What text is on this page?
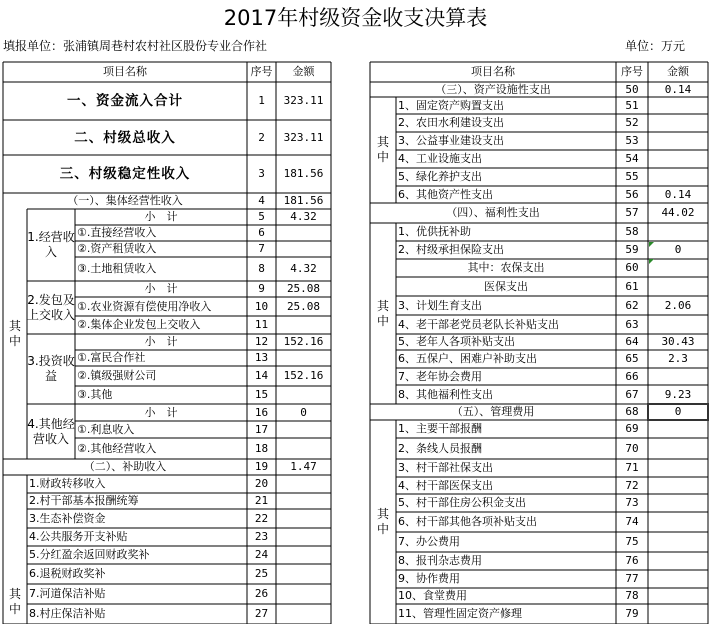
2017年村级资金收支决算表
填报单位：张浦镇周巷村农村社区股份专业合作社	单位：万元
项目名称	序号	金额	项目名称	序号	金额
一、资金流入合计	1	323.11
二、村级总收入	2	323.11
三、村级稳定性收入	3	181.56
（一）、集体经营性收入	4	181.56
小　计	5	4.32
①.直接经营收入	6
②.资产租赁收入	7
③.土地租赁收入	8	4.32
小　计	9	25.08
①.农业资源有偿使用净收入	10	25.08
②.集体企业发包上交收入	11
小　计	12	152.16
①.富民合作社	13
②.镇级强财公司	14	152.16
③.其他	15
小　计	16	0
①.利息收入	17
②.其他经营收入	18
（二）、补助收入	19	1.47
1.财政转移收入	20
2.村干部基本报酬统筹	21
3.生态补偿资金	22
4.公共服务开支补贴	23
5.分红盈余返回财政奖补	24
6.退税财政奖补	25
7.河道保洁补贴	26
8.村庄保洁补贴	27
1.经营收入
2.发包及上交收入
3.投资收益
4.其他经营收入
其中
其中
（三）、资产设施性支出	50	0.14
1、固定资产购置支出	51
2、农田水利建设支出	52
3、公益事业建设支出	53
4、工业设施支出	54
5、绿化养护支出	55
6、其他资产性支出	56	0.14
（四）、福利性支出	57	44.02
1、优供抚补助	58
2、村级承担保险支出	59	0
其中：农保支出	60
医保支出	61
3、计划生育支出	62	2.06
4、老干部老党员老队长补贴支出	63
5、老年人各项补贴支出	64	30.43
6、五保户、困难户补助支出	65	2.3
7、老年协会费用	66
8、其他福利性支出	67	9.23
（五）、管理费用	68	0
1、主要干部报酬	69
2、条线人员报酬	70
3、村干部社保支出	71
4、村干部医保支出	72
5、村干部住房公积金支出	73
6、村干部其他各项补贴支出	74
7、办公费用	75
8、报刊杂志费用	76
9、协作费用	77
10、食堂费用	78
11、管理性固定资产修理	79
其中
其中
其中
